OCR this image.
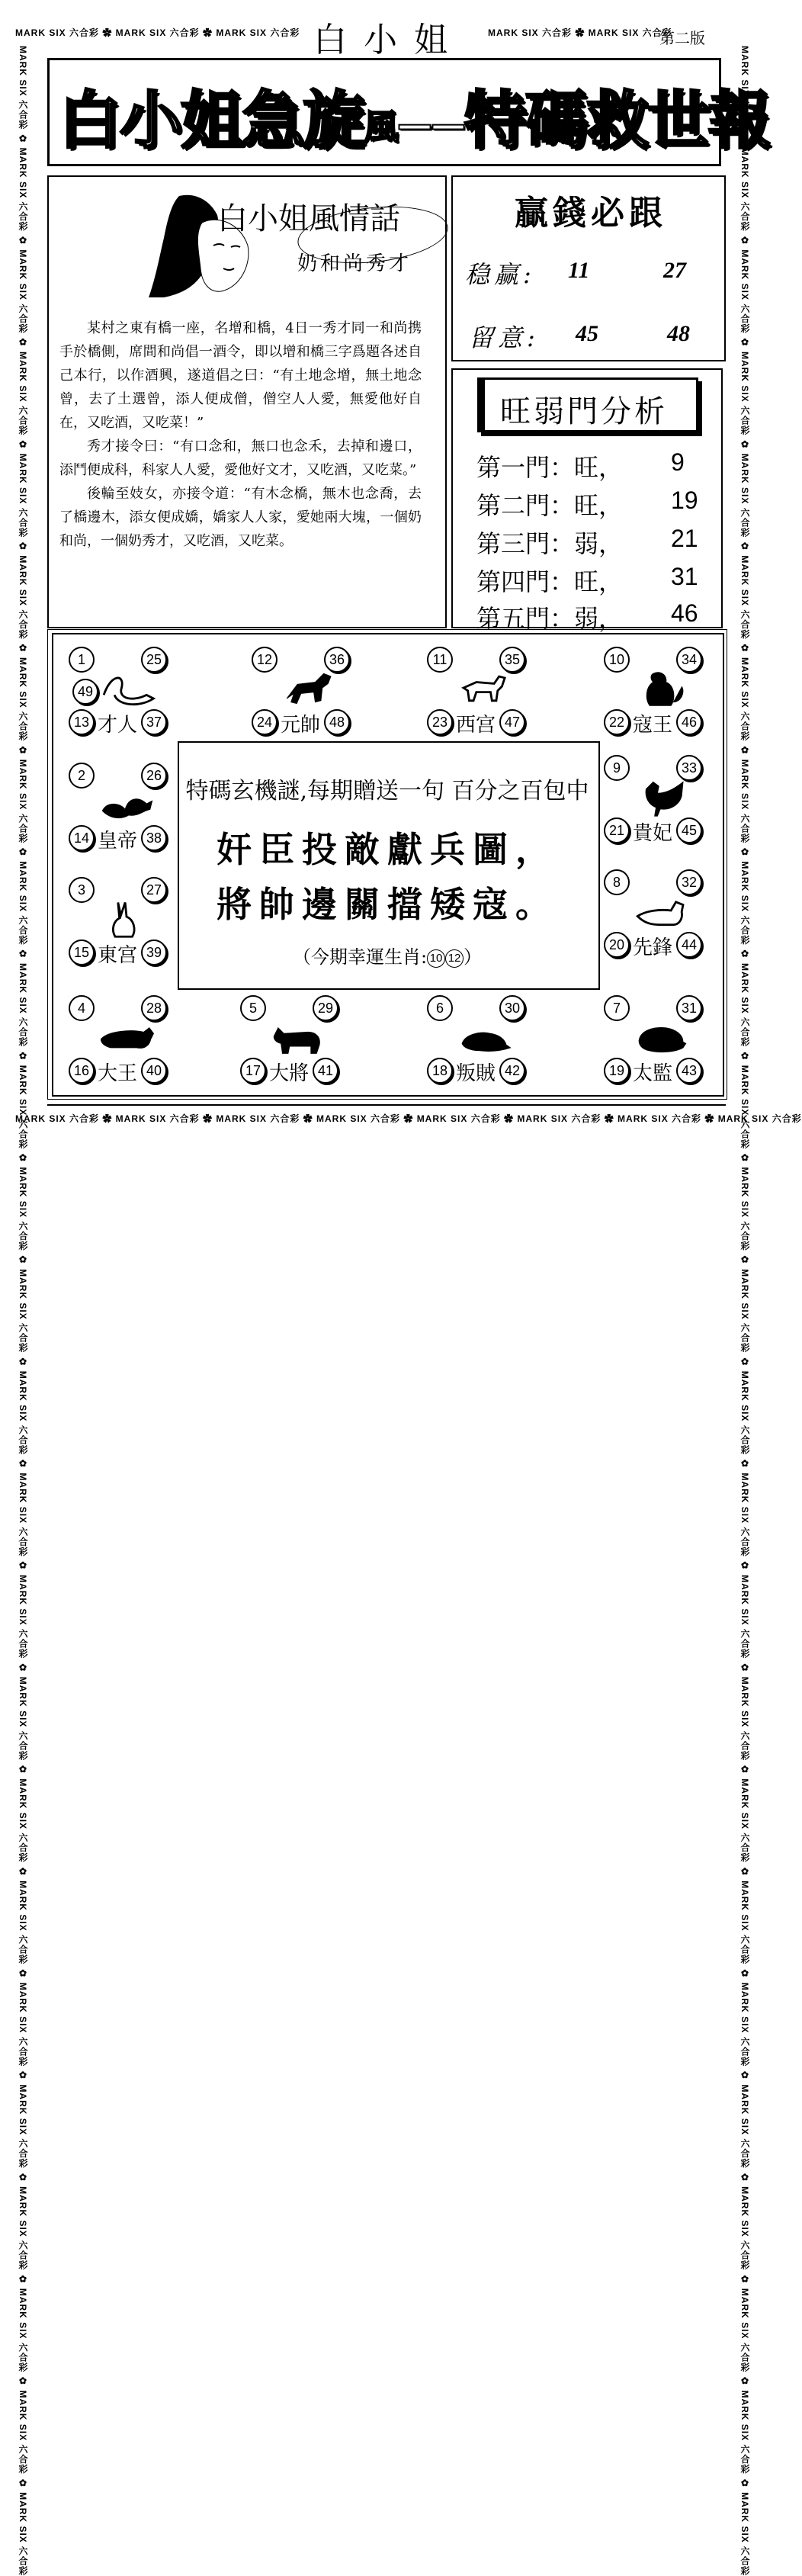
MARK SIX 六合彩 ✿ MARK SIX 六合彩 ✿ MARK SIX 六合彩	MARK SIX 六合彩 ✿ MARK SIX 六合彩
MARK SIX 六合彩 ✿ MARK SIX 六合彩 ✿ MARK SIX 六合彩 ✿ MARK SIX 六合彩 ✿ MARK SIX 六合彩 ✿ MARK SIX 六合彩 ✿ MARK SIX 六合彩 ✿ MARK SIX 六合彩
MARK SIX 六合彩 ✿ MARK SIX 六合彩 ✿ MARK SIX 六合彩 ✿ MARK SIX 六合彩 ✿ MARK SIX 六合彩 ✿ MARK SIX 六合彩 ✿ MARK SIX 六合彩 ✿ MARK SIX 六合彩 ✿ MARK SIX 六合彩 ✿ MARK SIX 六合彩 ✿ MARK SIX 六合彩 ✿ MARK SIX 六合彩 ✿ MARK SIX 六合彩 ✿ MARK SIX 六合彩 ✿ MARK SIX 六合彩 ✿ MARK SIX 六合彩 ✿ MARK SIX 六合彩 ✿ MARK SIX 六合彩 ✿ MARK SIX 六合彩 ✿ MARK SIX 六合彩 ✿ MARK SIX 六合彩 ✿ MARK SIX 六合彩 ✿ MARK SIX 六合彩 ✿ MARK SIX 六合彩 ✿ MARK SIX 六合彩	MARK SIX 六合彩 ✿ MARK SIX 六合彩 ✿ MARK SIX 六合彩 ✿ MARK SIX 六合彩 ✿ MARK SIX 六合彩 ✿ MARK SIX 六合彩 ✿ MARK SIX 六合彩 ✿ MARK SIX 六合彩 ✿ MARK SIX 六合彩 ✿ MARK SIX 六合彩 ✿ MARK SIX 六合彩 ✿ MARK SIX 六合彩 ✿ MARK SIX 六合彩 ✿ MARK SIX 六合彩 ✿ MARK SIX 六合彩 ✿ MARK SIX 六合彩 ✿ MARK SIX 六合彩 ✿ MARK SIX 六合彩 ✿ MARK SIX 六合彩 ✿ MARK SIX 六合彩 ✿ MARK SIX 六合彩 ✿ MARK SIX 六合彩 ✿ MARK SIX 六合彩 ✿ MARK SIX 六合彩 ✿ MARK SIX 六合彩
白小姐	第二版
白小姐急旋風——特碼救世報
白小姐風情話
奶和尚秀才

某村之東有橋一座，名增和橋，4日一秀才同一和尚携手於橋側，席間和尚倡一酒令，即以增和橋三字爲題各述自己本行，以作酒興，遂道倡之曰：“有土地念增，無土地念曾，去了土選曾，添人便成僧，僧空人人愛，無愛他好自在，又吃酒，又吃菜！”

秀才接令曰：“有口念和，無口也念禾，去掉和邊口，添鬥便成科，科家人人愛，愛他好文才，又吃酒，又吃菜。”

後輪至妓女，亦接令道：“有木念橋，無木也念喬，去了橋邊木，添女便成嬌，嬌家人人家，愛她兩大塊，一個奶和尚，一個奶秀才，又吃酒，又吃菜。

贏錢必跟
稳赢: 11	27
留意: 45	48
旺弱門分析
第一門：旺， 9
第二門：旺， 19
第三門：弱， 21
第四門：旺， 31
第五門：弱， 46
1	25
49
13	37
才人
12	36
24	48
元帥
11	35
23	47
西宫
10	34
22	46
寇王
2	26
14	38
皇帝
9	33
21	45
貴妃
3	27
15	39
東宫
8	32
20	44
先鋒
4	28
16	40
大王
5	29
17	41
大將
6	30
18	42
叛賊
7	31
19	43
太監
特碼玄機謎,每期贈送一句 百分之百包中
奸臣投敵獻兵圖，
將帥邊關擋矮寇。
（今期幸運生肖: 10 12 ）
